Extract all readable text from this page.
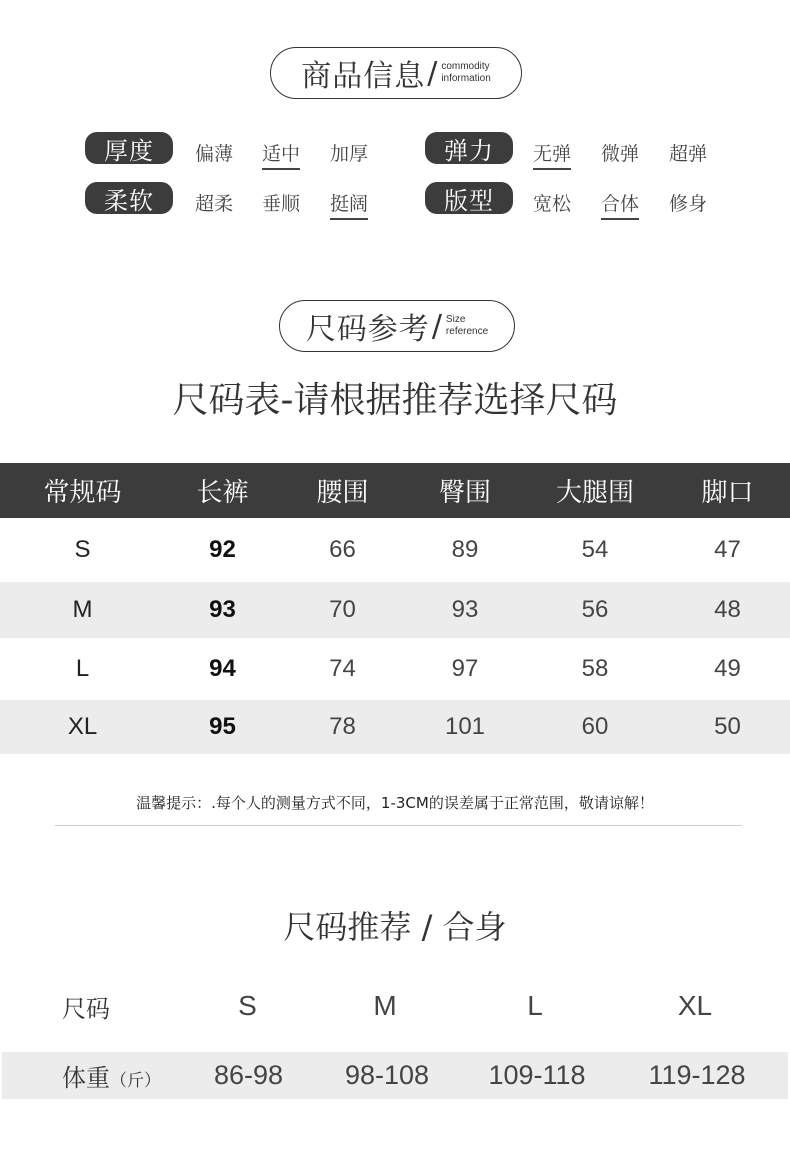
商品信息 / commodity
information
厚度	偏薄 适中 加厚	弹力	无弹 微弹 超弹
柔软	超柔 垂顺 挺阔	版型	宽松 合体 修身
尺码参考 / Size
reference
尺码表-请根据推荐选择尺码
常规码	长裤	腰围	臀围	大腿围	脚口
S	92	66	89	54	47
M	93	70	93	56	48
L	94	74	97	58	49
XL	95	78	101	60	50
温馨提示：.每个人的测量方式不同，1-3CM的误差属于正常范围，敬请谅解！
尺码推荐 / 合身
尺码	S	M	L	XL
体重（斤）	86-98	98-108	109-118	119-128
